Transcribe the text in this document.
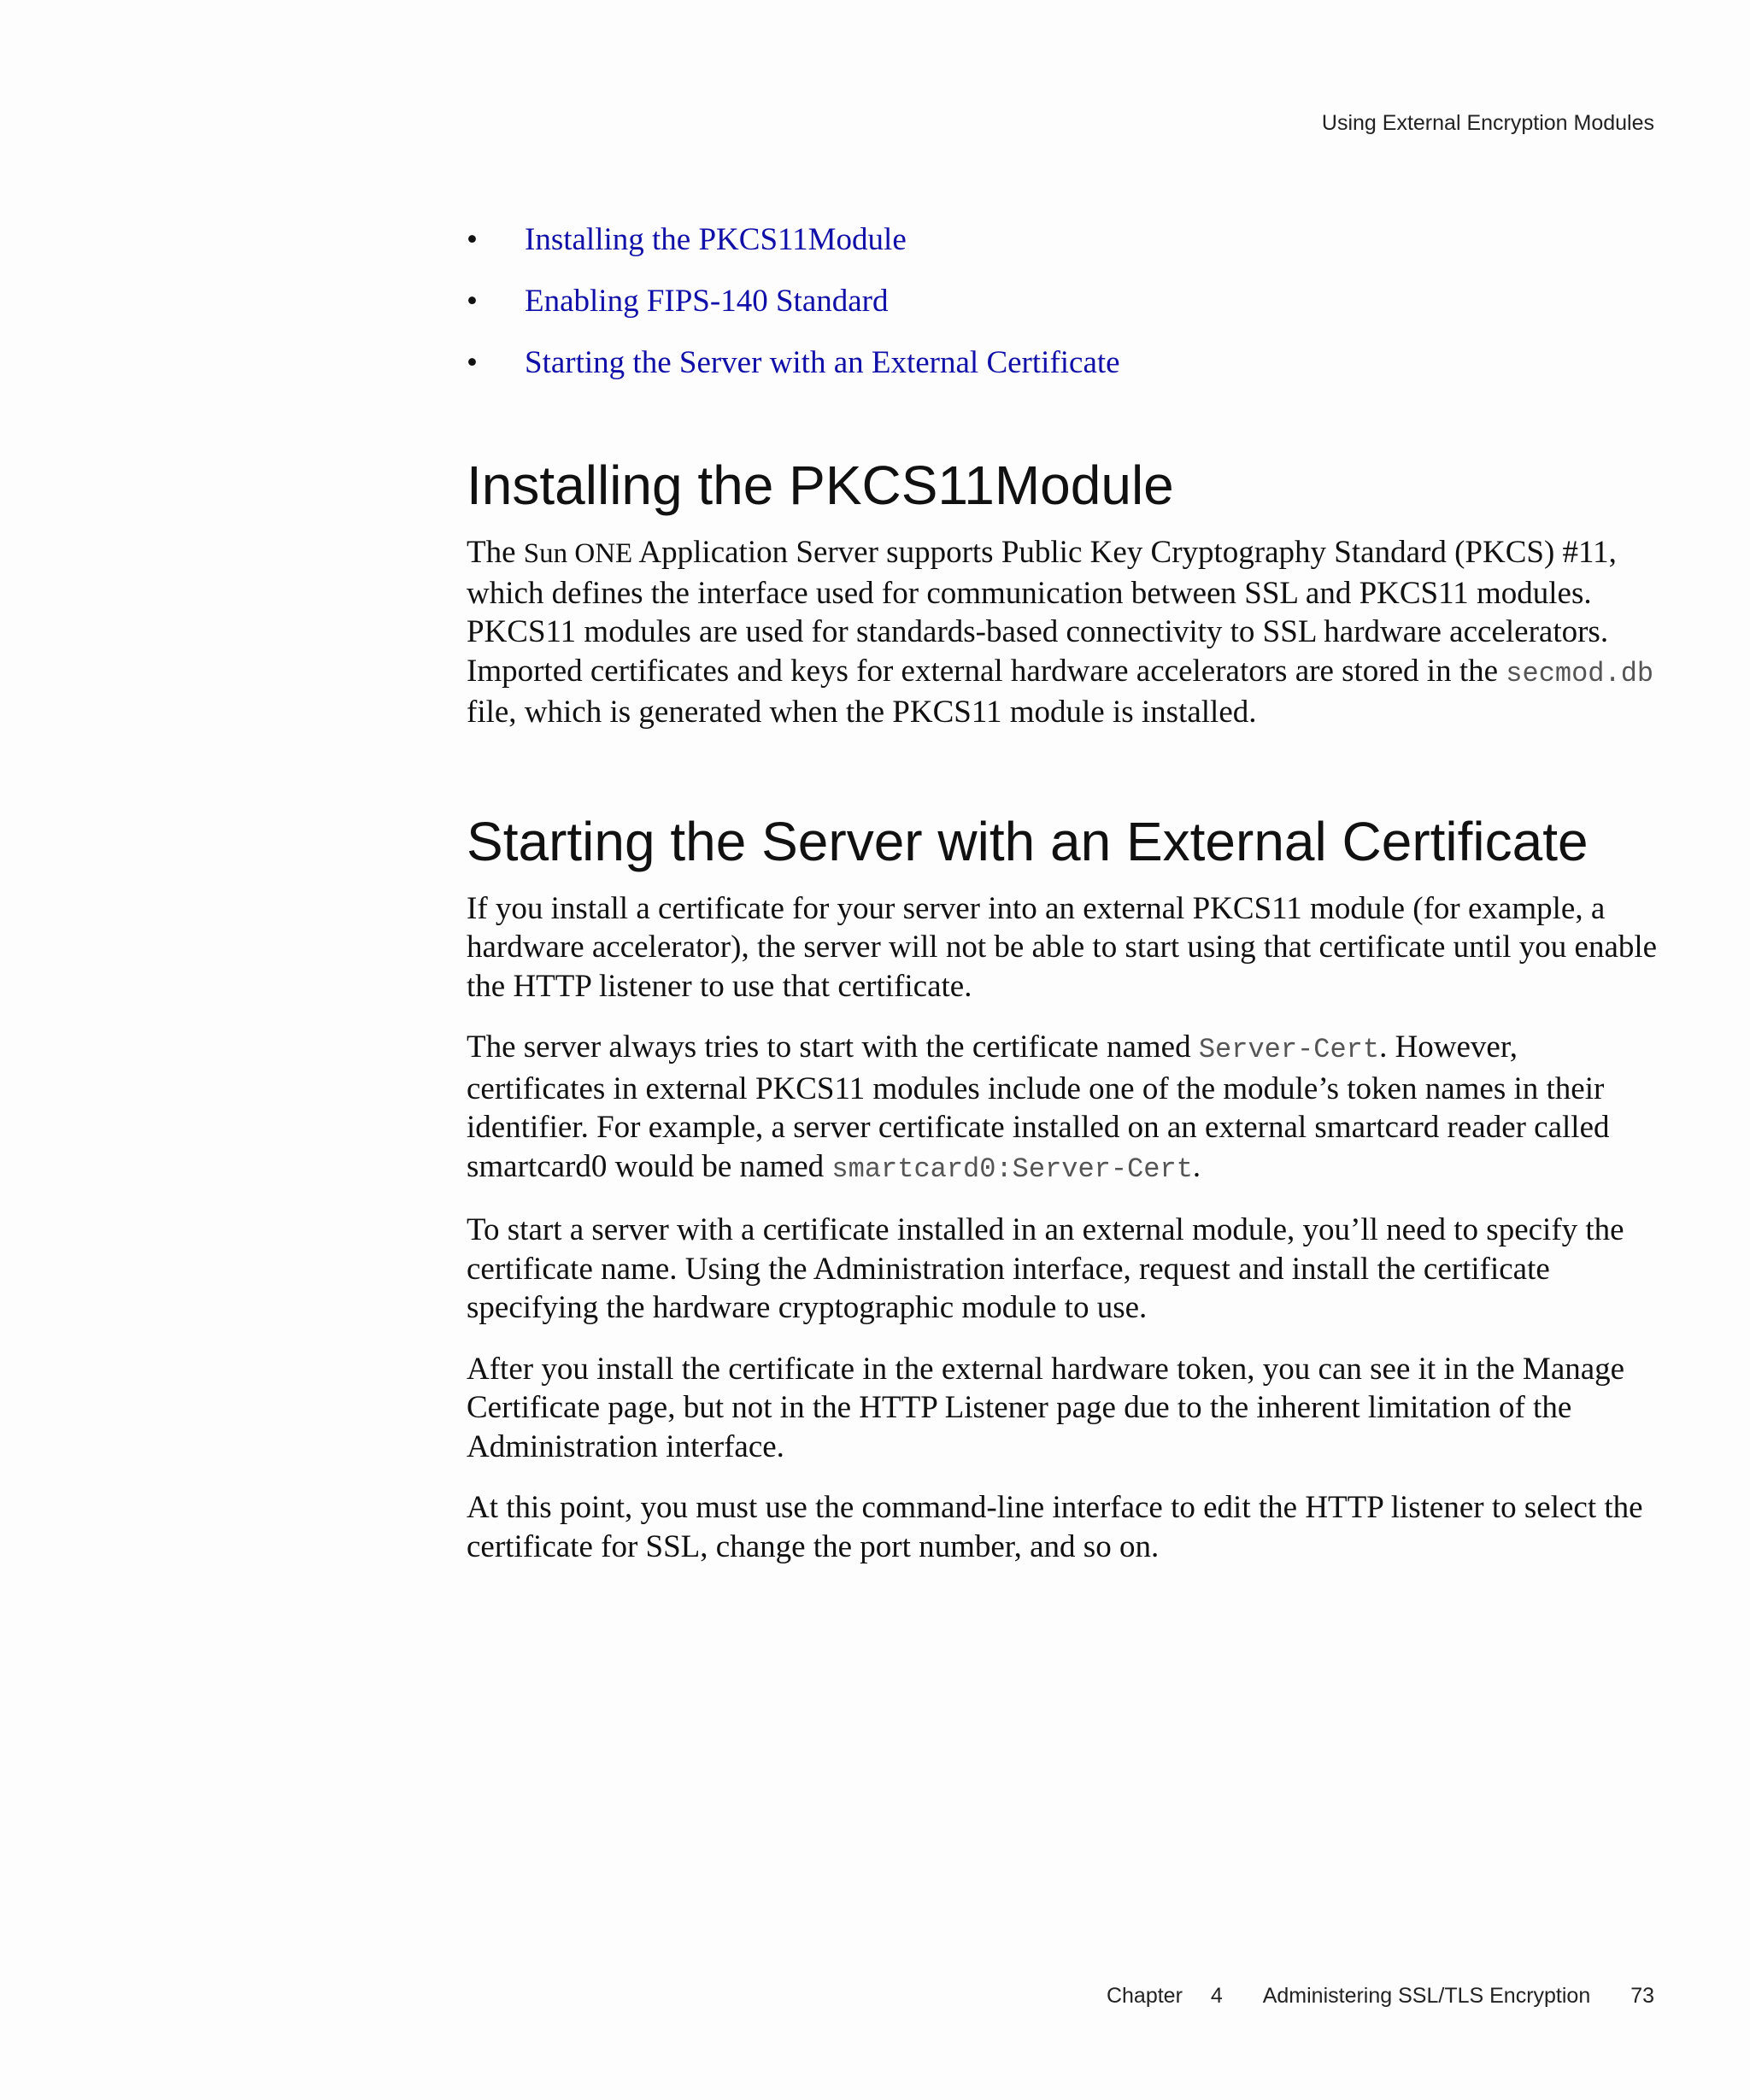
Using External Encryption Modules
• Installing the PKCS11Module
• Enabling FIPS-140 Standard
• Starting the Server with an External Certificate
Installing the PKCS11Module

The Sun ONE Application Server supports Public Key Cryptography Standard (PKCS) #11, which defines the interface used for communication between SSL and PKCS11 modules. PKCS11 modules are used for standards-based connectivity to SSL hardware accelerators. Imported certificates and keys for external hardware accelerators are stored in the secmod.db file, which is generated when the PKCS11 module is installed.

Starting the Server with an External Certificate

If you install a certificate for your server into an external PKCS11 module (for example, a hardware accelerator), the server will not be able to start using that certificate until you enable the HTTP listener to use that certificate.

The server always tries to start with the certificate named Server-Cert. However, certificates in external PKCS11 modules include one of the module’s token names in their identifier. For example, a server certificate installed on an external smartcard reader called smartcard0 would be named smartcard0:Server-Cert.

To start a server with a certificate installed in an external module, you’ll need to specify the certificate name. Using the Administration interface, request and install the certificate specifying the hardware cryptographic module to use.

After you install the certificate in the external hardware token, you can see it in the Manage Certificate page, but not in the HTTP Listener page due to the inherent limitation of the Administration interface.

At this point, you must use the command-line interface to edit the HTTP listener to select the certificate for SSL, change the port number, and so on.

Chapter 4 Administering SSL/TLS Encryption 73
